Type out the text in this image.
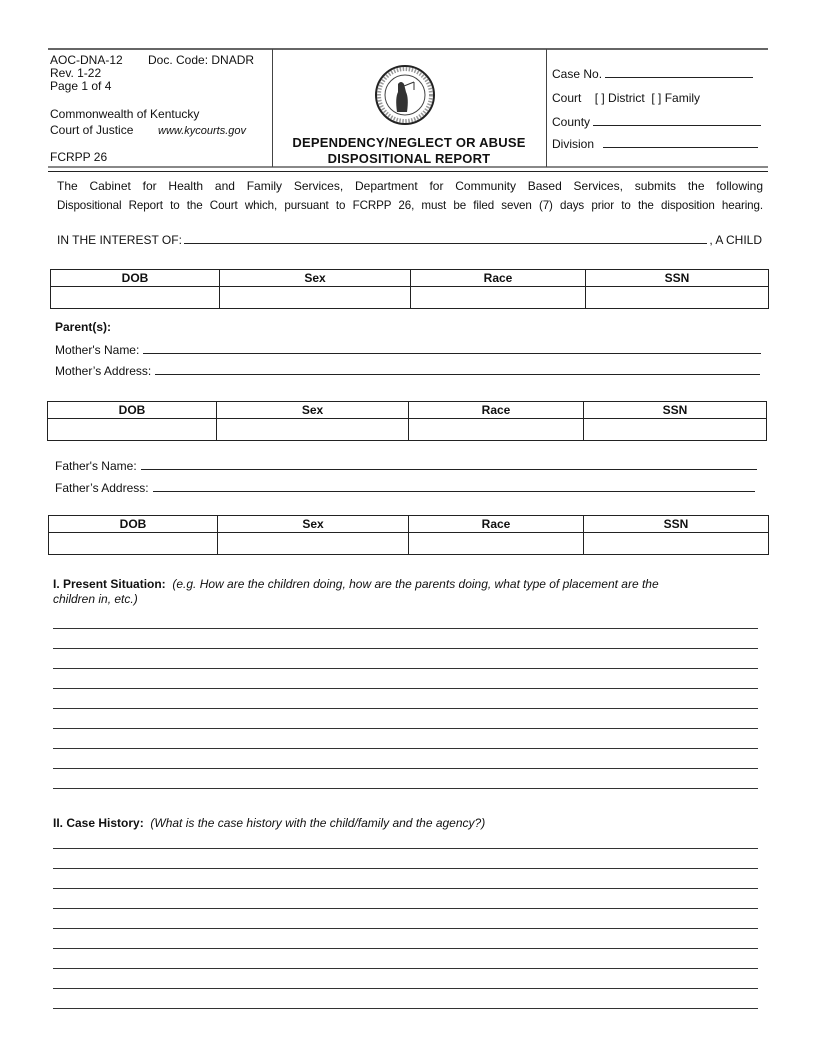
AOC-DNA-12 Doc. Code: DNADR
Rev. 1-22
Page 1 of 4
Commonwealth of Kentucky
Court of Justice www.kycourts.gov
FCRPP 26
DEPENDENCY/NEGLECT OR ABUSE
DISPOSITIONAL REPORT
Case No.
Court [ ] District [ ] Family
County
Division
The Cabinet for Health and Family Services, Department for Community Based Services, submits the following
Dispositional Report to the Court which, pursuant to FCRPP 26, must be filed seven (7) days prior to the disposition hearing.
IN THE INTEREST OF:	, A CHILD
DOB	Sex	Race	SSN

Parent(s):
Mother's Name:
Mother’s Address:
DOB	Sex	Race	SSN

Father's Name:
Father’s Address:
DOB	Sex	Race	SSN

I. Present Situation: (e.g. How are the children doing, how are the parents doing, what type of placement are the
children in, etc.)
II. Case History: (What is the case history with the child/family and the agency?)
